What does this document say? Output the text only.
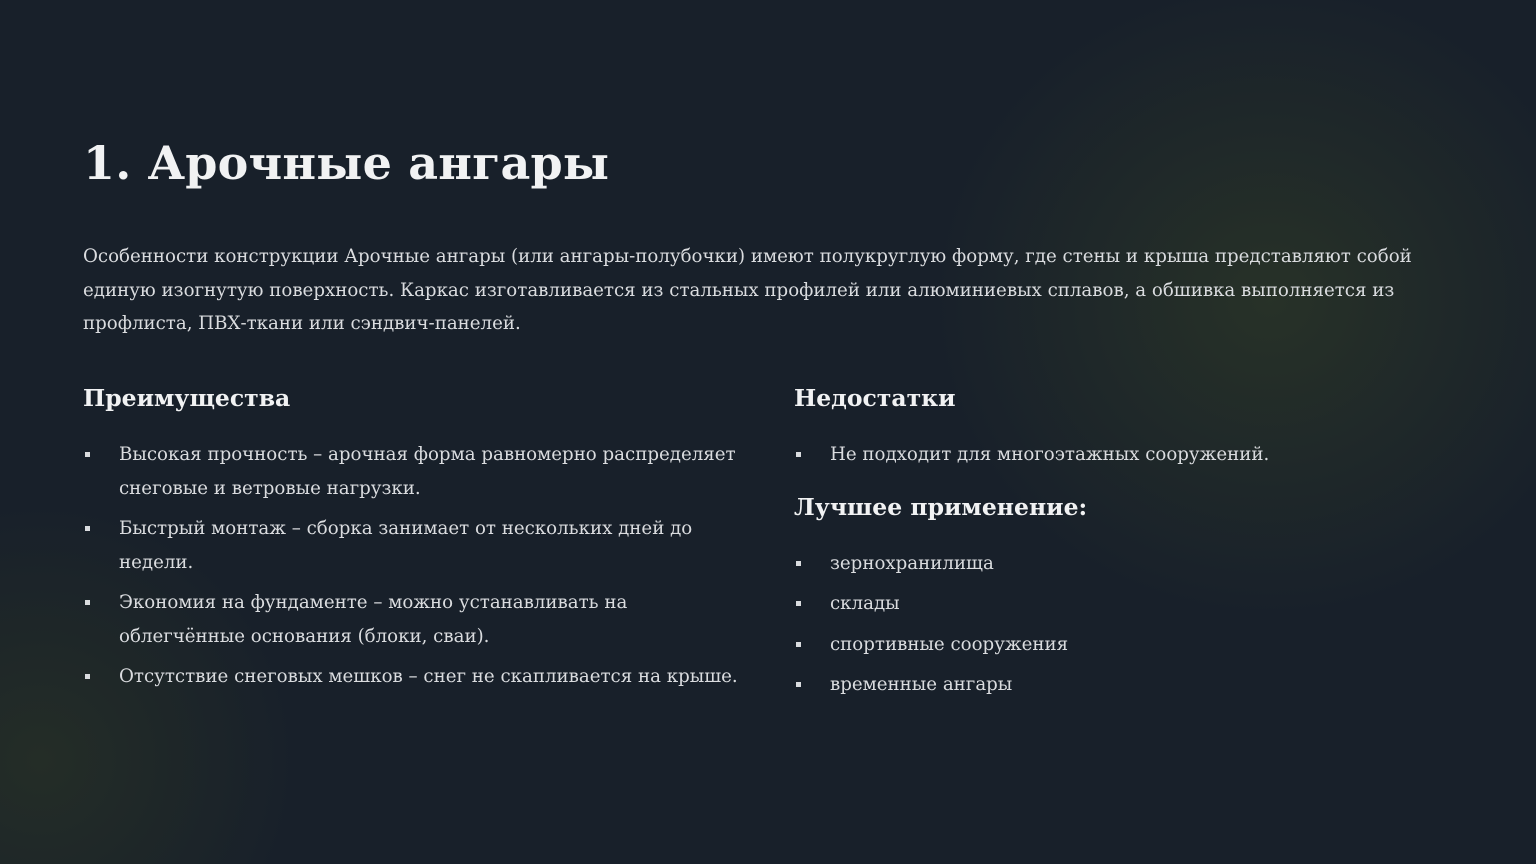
1. Арочные ангары

Особенности конструкции Арочные ангары (или ангары-полубочки) имеют полукруглую форму, где стены и крыша представляют собой единую изогнутую поверхность. Каркас изготавливается из стальных профилей или алюминиевых сплавов, а обшивка выполняется из профлиста, ПВХ-ткани или сэндвич-панелей.

Преимущества
Высокая прочность – арочная форма равномерно распределяет снеговые и ветровые нагрузки.
Быстрый монтаж – сборка занимает от нескольких дней до недели.
Экономия на фундаменте – можно устанавливать на облегчённые основания (блоки, сваи).
Отсутствие снеговых мешков – снег не скапливается на крыше.
Недостатки
Не подходит для многоэтажных сооружений.
Лучшее применение:
зернохранилища
склады
спортивные сооружения
временные ангары
